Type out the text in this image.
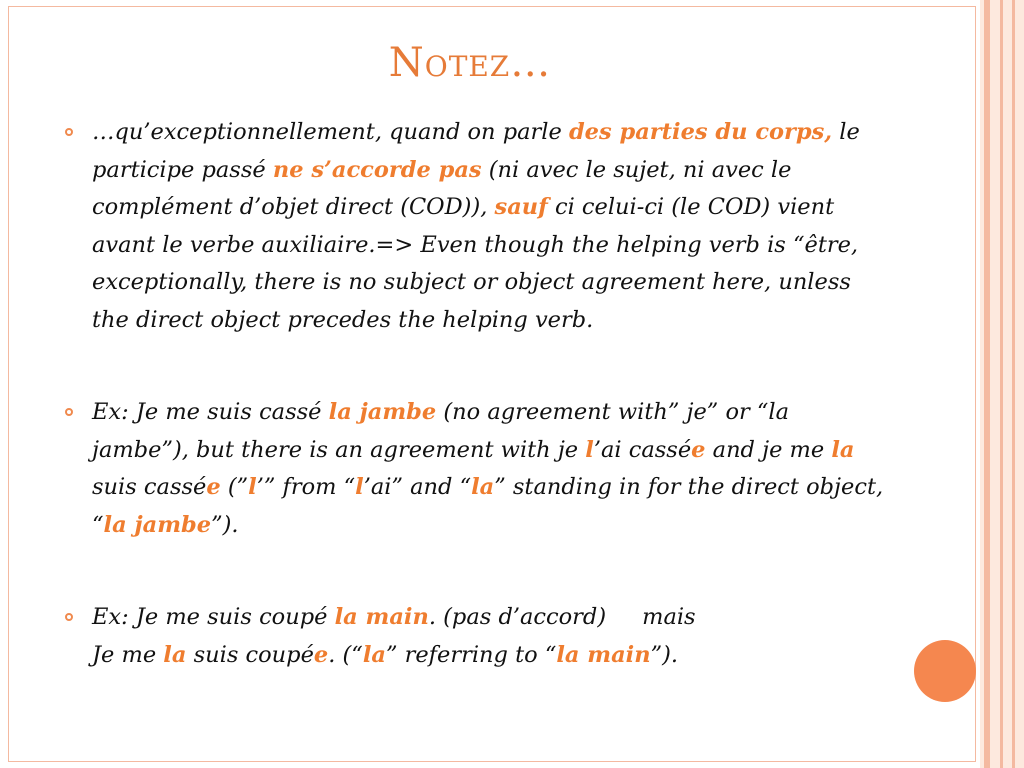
Notez…

…qu’exceptionnellement, quand on parle des parties du corps, le participe passé ne s’accorde pas (ni avec le sujet, ni avec le complément d’objet direct (COD)), sauf ci celui-ci (le COD) vient avant le verbe auxiliaire.=> Even though the helping verb is “être, exceptionally, there is no subject or object agreement here, unless the direct object precedes the helping verb.

Ex: Je me suis cassé la jambe (no agreement with” je” or “la jambe”), but there is an agreement with je l’ai cassée and je me la suis cassée (”l’” from “l’ai” and “la” standing in for the direct object, “la jambe”).

Ex: Je me suis coupé la main. (pas d’accord) mais
Je me la suis coupée. (“la” referring to “la main”).
